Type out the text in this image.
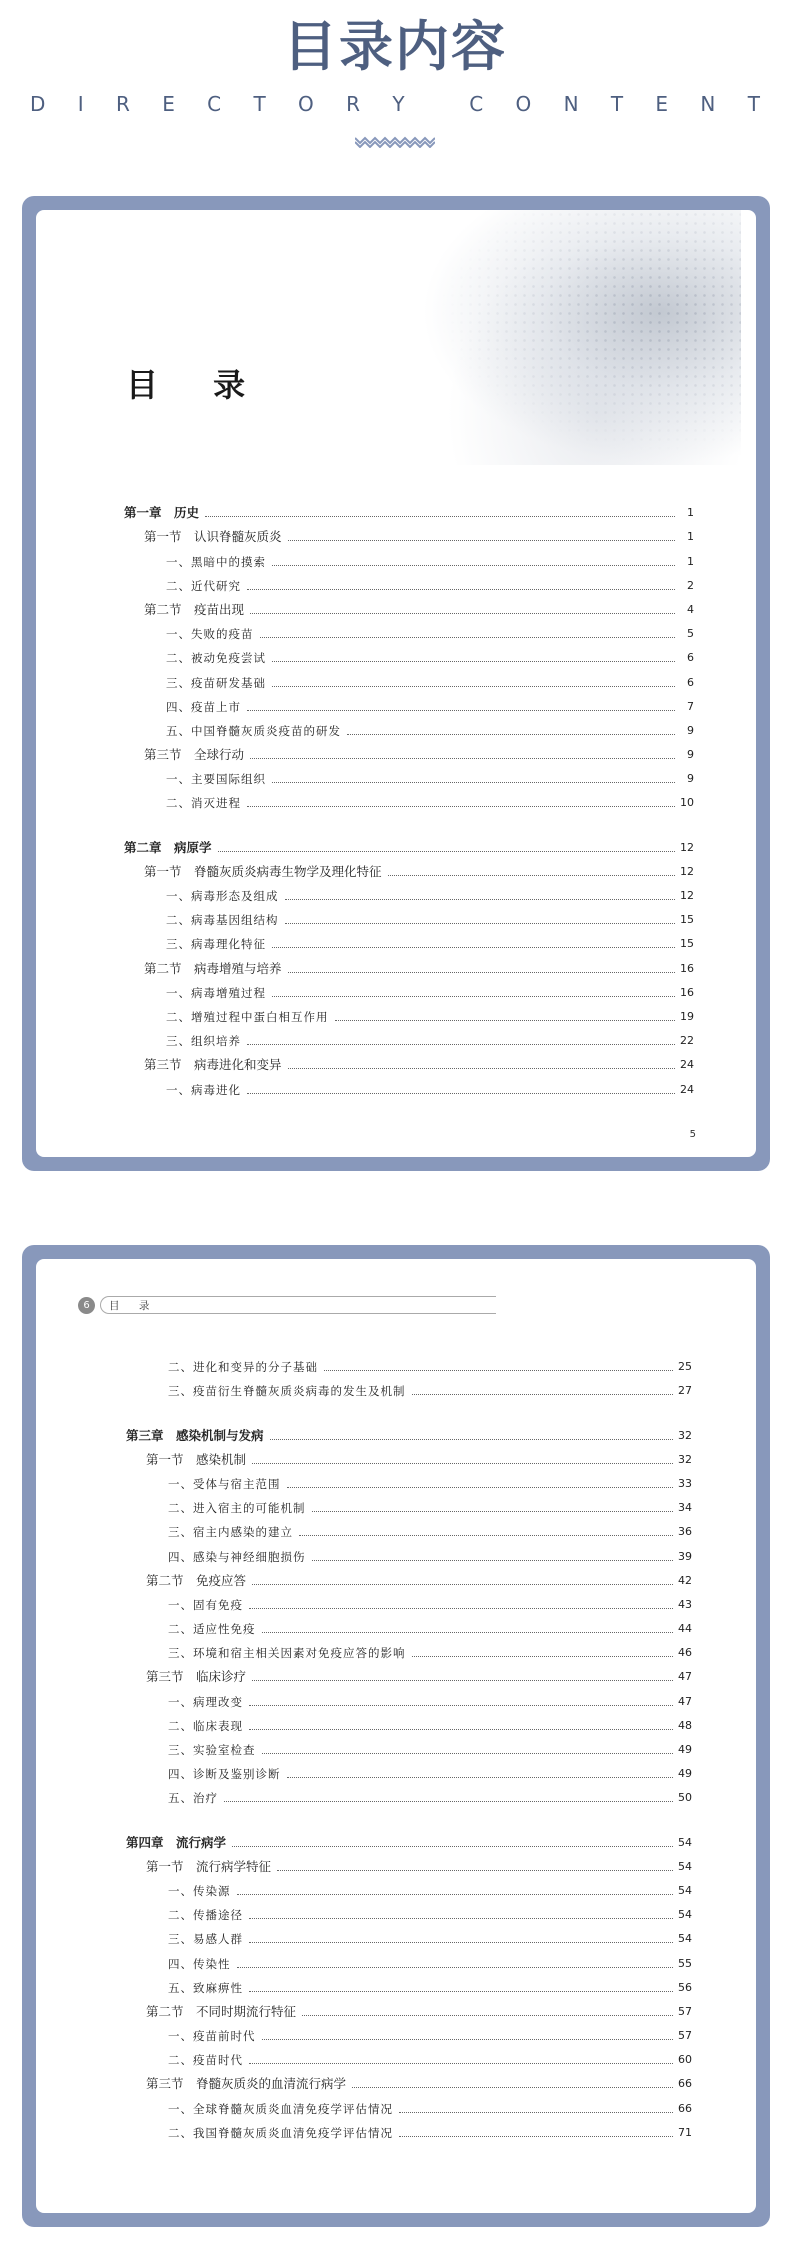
目录内容
D I R E C T O R Y	C O N T E N T
目 录
第一章　历史	1
第一节　认识脊髓灰质炎	1
一、黑暗中的摸索	1
二、近代研究	2
第二节　疫苗出现	4
一、失败的疫苗	5
二、被动免疫尝试	6
三、疫苗研发基础	6
四、疫苗上市	7
五、中国脊髓灰质炎疫苗的研发	9
第三节　全球行动	9
一、主要国际组织	9
二、消灭进程	10
第二章　病原学	12
第一节　脊髓灰质炎病毒生物学及理化特征	12
一、病毒形态及组成	12
二、病毒基因组结构	15
三、病毒理化特征	15
第二节　病毒增殖与培养	16
一、病毒增殖过程	16
二、增殖过程中蛋白相互作用	19
三、组织培养	22
第三节　病毒进化和变异	24
一、病毒进化	24
5
6	目 录
二、进化和变异的分子基础	25
三、疫苗衍生脊髓灰质炎病毒的发生及机制	27
第三章　感染机制与发病	32
第一节　感染机制	32
一、受体与宿主范围	33
二、进入宿主的可能机制	34
三、宿主内感染的建立	36
四、感染与神经细胞损伤	39
第二节　免疫应答	42
一、固有免疫	43
二、适应性免疫	44
三、环境和宿主相关因素对免疫应答的影响	46
第三节　临床诊疗	47
一、病理改变	47
二、临床表现	48
三、实验室检查	49
四、诊断及鉴别诊断	49
五、治疗	50
第四章　流行病学	54
第一节　流行病学特征	54
一、传染源	54
二、传播途径	54
三、易感人群	54
四、传染性	55
五、致麻痹性	56
第二节　不同时期流行特征	57
一、疫苗前时代	57
二、疫苗时代	60
第三节　脊髓灰质炎的血清流行病学	66
一、全球脊髓灰质炎血清免疫学评估情况	66
二、我国脊髓灰质炎血清免疫学评估情况	71
